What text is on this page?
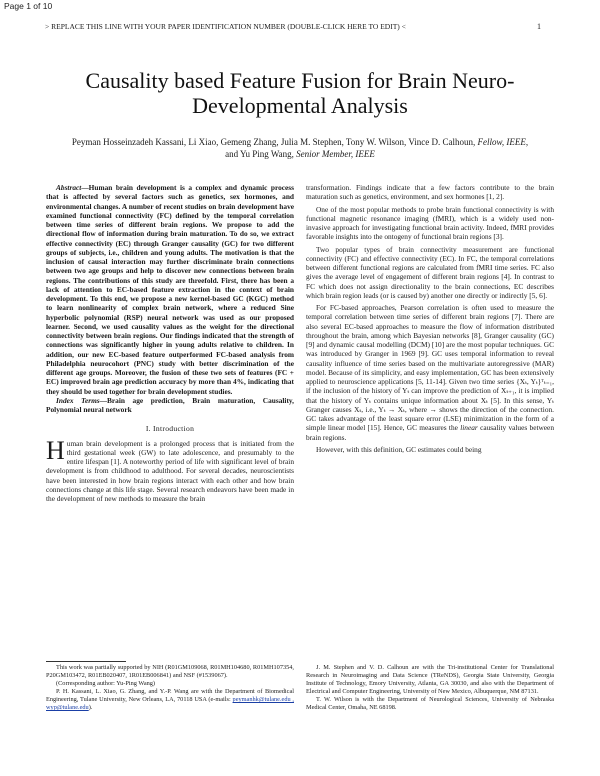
Page 1 of 10
> REPLACE THIS LINE WITH YOUR PAPER IDENTIFICATION NUMBER (DOUBLE-CLICK HERE TO EDIT) <	1
Causality based Feature Fusion for Brain Neuro-Developmental Analysis
Peyman Hosseinzadeh Kassani, Li Xiao, Gemeng Zhang, Julia M. Stephen, Tony W. Wilson, Vince D. Calhoun, Fellow, IEEE, and Yu Ping Wang, Senior Member, IEEE

Abstract—Human brain development is a complex and dynamic process that is affected by several factors such as genetics, sex hormones, and environmental changes. A number of recent studies on brain development have examined functional connectivity (FC) defined by the temporal correlation between time series of different brain regions. We propose to add the directional flow of information during brain maturation. To do so, we extract effective connectivity (EC) through Granger causality (GC) for two different groups of subjects, i.e., children and young adults. The motivation is that the inclusion of causal interaction may further discriminate brain connections between two age groups and help to discover new connections between brain regions. The contributions of this study are threefold. First, there has been a lack of attention to EC-based feature extraction in the context of brain development. To this end, we propose a new kernel-based GC (KGC) method to learn nonlinearity of complex brain network, where a reduced Sine hyperbolic polynomial (RSP) neural network was used as our proposed learner. Second, we used causality values as the weight for the directional connectivity between brain regions. Our findings indicated that the strength of connections was significantly higher in young adults relative to children. In addition, our new EC-based feature outperformed FC-based analysis from Philadelphia neurocohort (PNC) study with better discrimination of the different age groups. Moreover, the fusion of these two sets of features (FC + EC) improved brain age prediction accuracy by more than 4%, indicating that they should be used together for brain development studies.

Index Terms—Brain age prediction, Brain maturation, Causality, Polynomial neural network

I. Introduction

Human brain development is a prolonged process that is initiated from the third gestational week (GW) to late adolescence, and presumably to the entire lifespan [1]. A noteworthy period of life with significant level of brain development is from childhood to adulthood. For several decades, neuroscientists have been interested in how brain regions interact with each other and how brain connections change at this life stage. Several research endeavors have been made in the development of new methods to measure the brain

transformation. Findings indicate that a few factors contribute to the brain maturation such as genetics, environment, and sex hormones [1, 2].

One of the most popular methods to probe brain functional connectivity is with functional magnetic resonance imaging (fMRI), which is a widely used non-invasive approach for investigating functional brain activity. Indeed, fMRI provides favorable insights into the ontogeny of functional brain regions [3].

Two popular types of brain connectivity measurement are functional connectivity (FC) and effective connectivity (EC). In FC, the temporal correlations between different functional regions are calculated from fMRI time series. FC also gives the average level of engagement of different brain regions [4]. In contrast to FC which does not assign directionality to the brain connections, EC describes which brain region leads (or is caused by) another one directly or indirectly [5, 6].

For FC-based approaches, Pearson correlation is often used to measure the temporal correlation between time series of different brain regions [7]. There are also several EC-based approaches to measure the flow of information distributed throughout the brain, among which Bayesian networks [8], Granger causality (GC) [9] and dynamic causal modelling (DCM) [10] are the most popular techniques. GC was introduced by Granger in 1969 [9]. GC uses temporal information to reveal causality influence of time series based on the multivariate autoregressive (MAR) model. Because of its simplicity, and easy implementation, GC has been extensively applied to neuroscience applications [5, 11-14]. Given two time series {Xₜ, Yₜ}ᵀₜ₌₁, if the inclusion of the history of Yₜ can improve the prediction of Xₜ₊₁, it is implied that the history of Yₜ contains unique information about Xₜ [5]. In this sense, Yₜ Granger causes Xₜ, i.e., Yₜ → Xₜ, where → shows the direction of the connection. GC takes advantage of the least square error (LSE) minimization in the form of a simple linear model [15]. Hence, GC measures the linear causality values between brain regions.

However, with this definition, GC estimates could being

This work was partially supported by NIH (R01GM109068, R01MH104680, R01MH107354, P20GM103472, R01EB020407, 1R01EB006841) and NSF (#1539067).

(Corresponding author: Yu-Ping Wang)

P. H. Kassani, L. Xiao, G. Zhang, and Y.-P. Wang are with the Department of Biomedical Engineering, Tulane University, New Orleans, LA, 70118 USA (e-mails: peymanhk@tulane.edu , wyp@tulane.edu).

J. M. Stephen and V. D. Calhoun are with the Tri-institutional Center for Translational Research in Neuroimaging and Data Science (TReNDS), Georgia State University, Georgia Institute of Technology, Emory University, Atlanta, GA 30030, and also with the Department of Electrical and Computer Engineering, University of New Mexico, Albuquerque, NM 87131.

T. W. Wilson is with the Department of Neurological Sciences, University of Nebraska Medical Center, Omaha, NE 68198.
